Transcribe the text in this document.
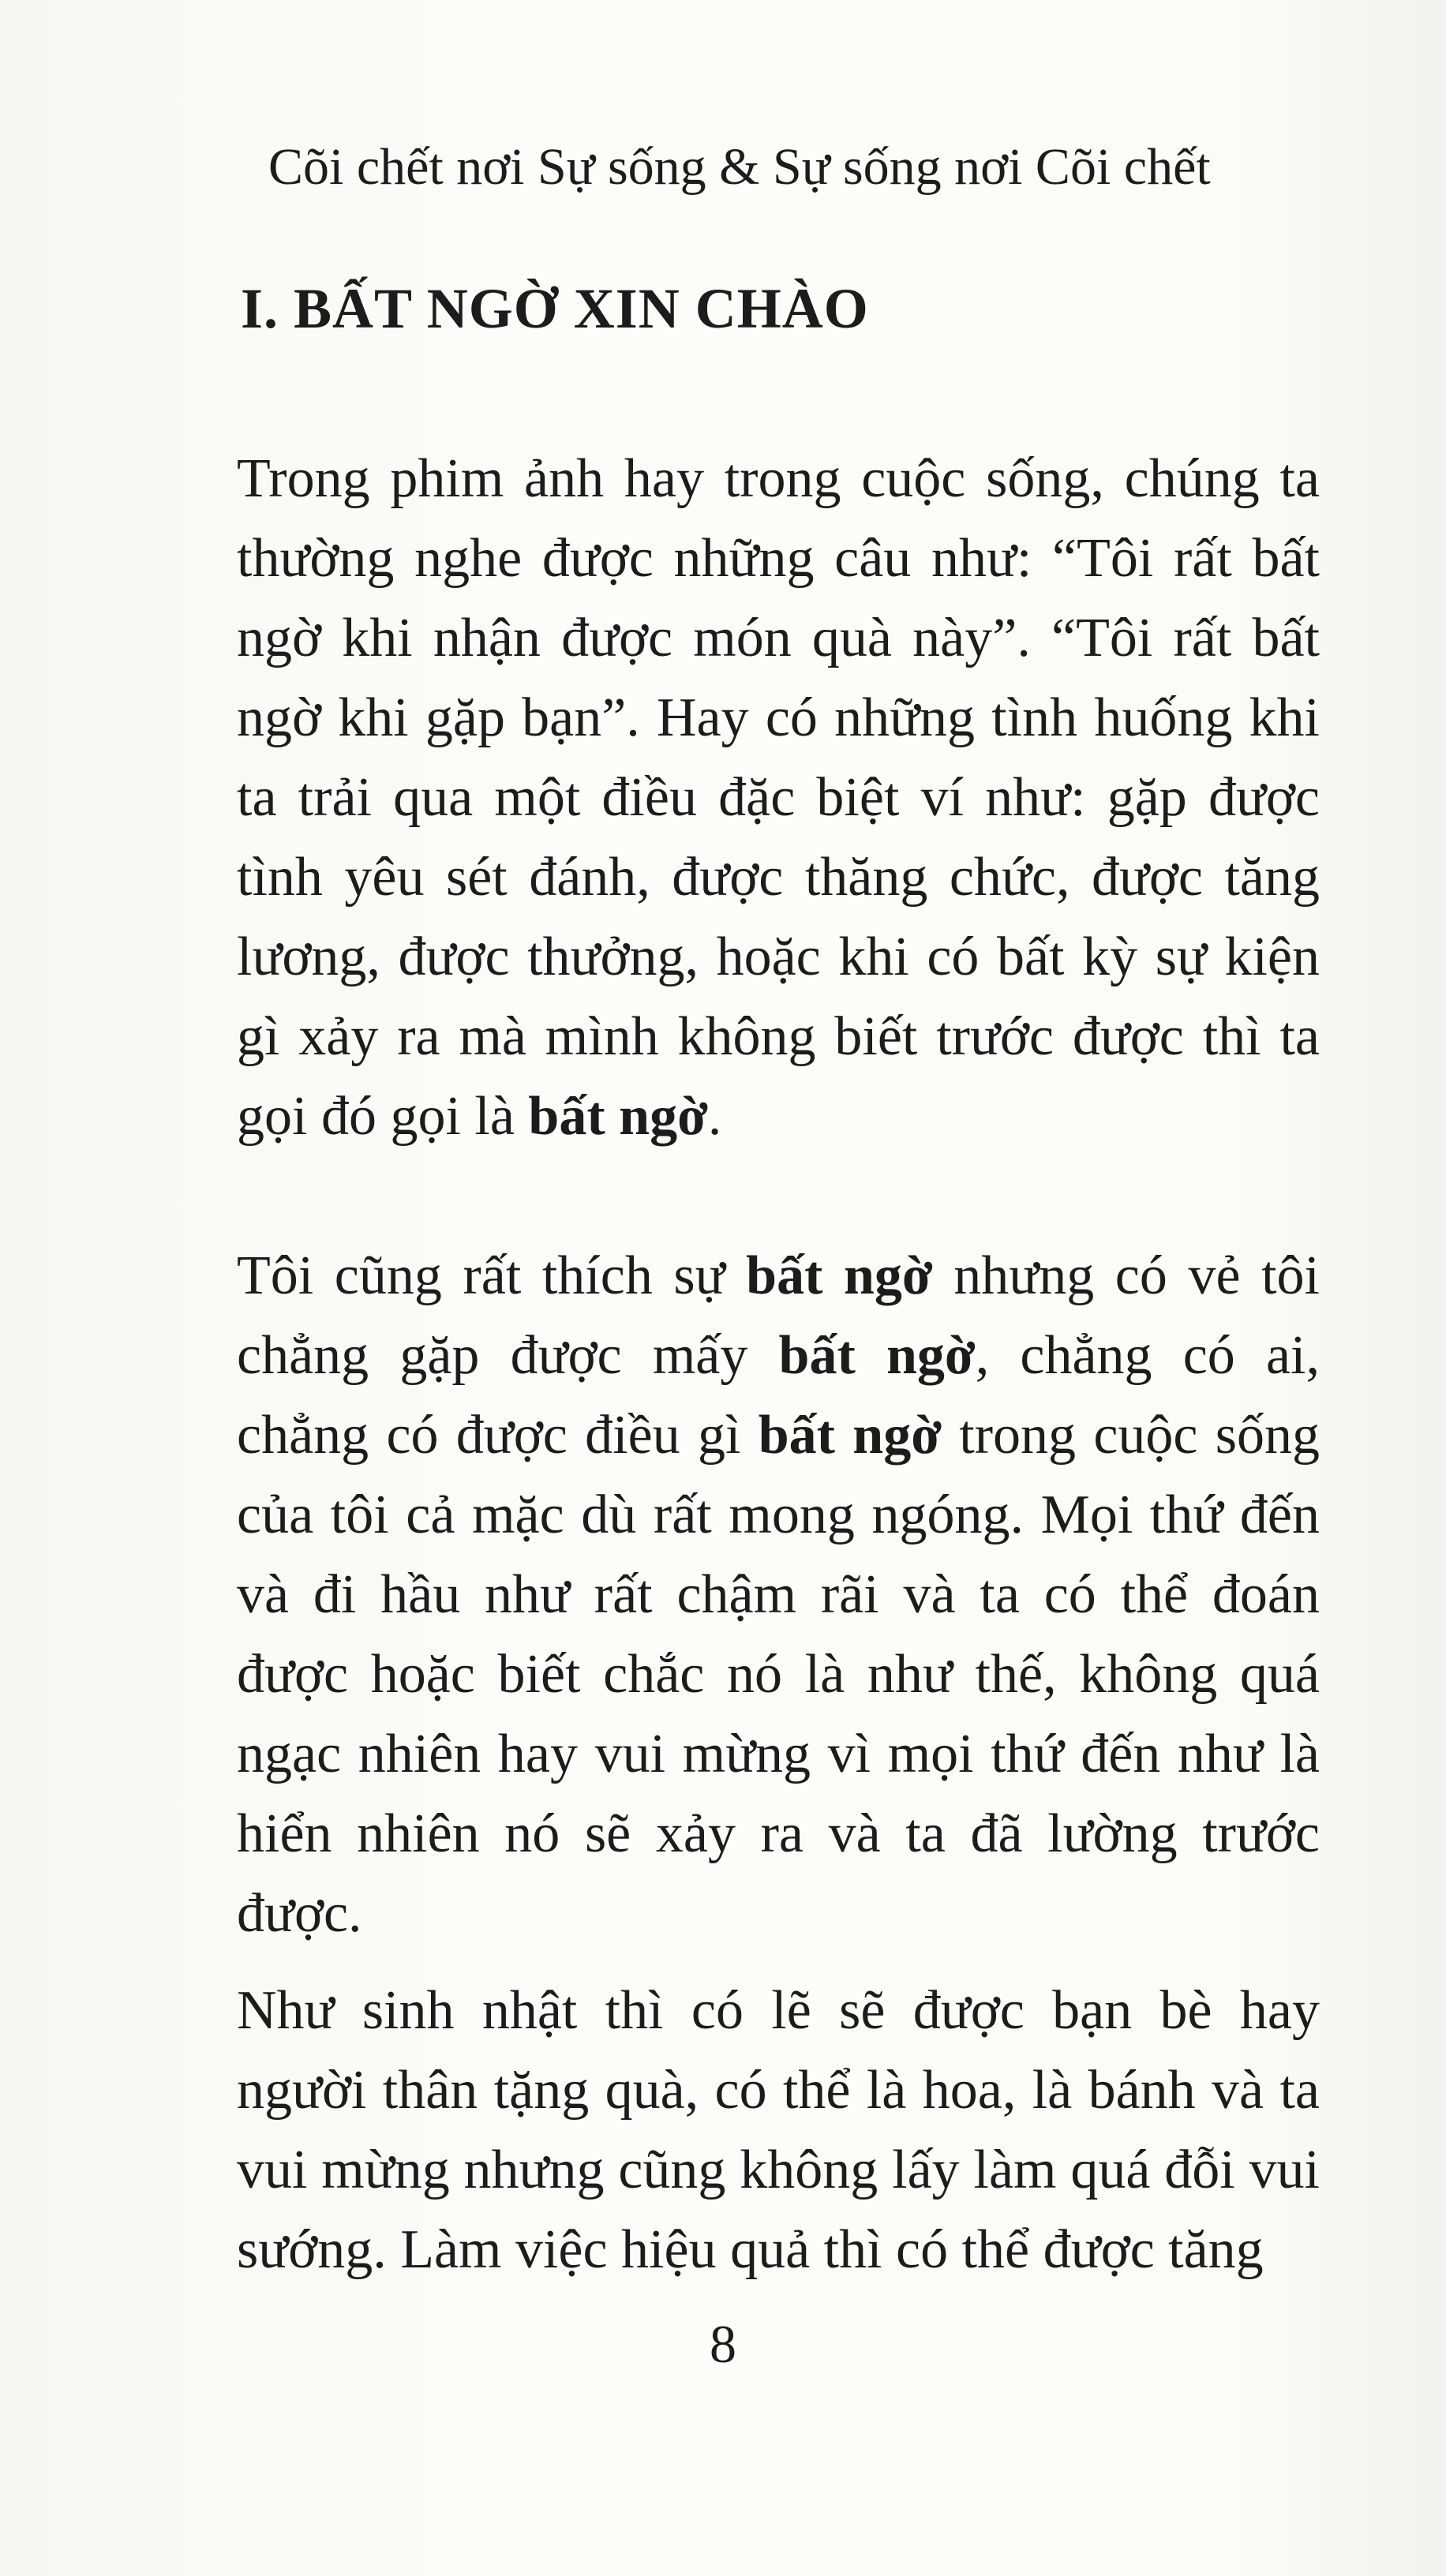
Cõi chết nơi Sự sống & Sự sống nơi Cõi chết
I. BẤT NGỜ XIN CHÀO

Trong phim ảnh hay trong cuộc sống, chúng ta thường nghe được những câu như: “Tôi rất bất ngờ khi nhận được món quà này”. “Tôi rất bất ngờ khi gặp bạn”. Hay có những tình huống khi ta trải qua một điều đặc biệt ví như: gặp được tình yêu sét đánh, được thăng chức, được tăng lương, được thưởng, hoặc khi có bất kỳ sự kiện gì xảy ra mà mình không biết trước được thì ta gọi đó gọi là bất ngờ.

Tôi cũng rất thích sự bất ngờ nhưng có vẻ tôi chẳng gặp được mấy bất ngờ, chẳng có ai, chẳng có được điều gì bất ngờ trong cuộc sống của tôi cả mặc dù rất mong ngóng. Mọi thứ đến và đi hầu như rất chậm rãi và ta có thể đoán được hoặc biết chắc nó là như thế, không quá ngạc nhiên hay vui mừng vì mọi thứ đến như là hiển nhiên nó sẽ xảy ra và ta đã lường trước được.

Như sinh nhật thì có lẽ sẽ được bạn bè hay người thân tặng quà, có thể là hoa, là bánh và ta vui mừng nhưng cũng không lấy làm quá đỗi vui sướng. Làm việc hiệu quả thì có thể được tăng

8
